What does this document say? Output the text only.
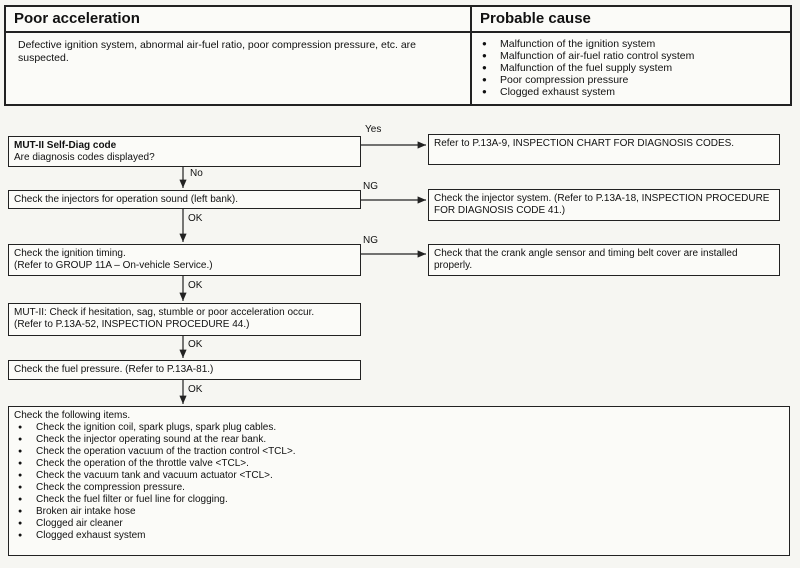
Poor acceleration
Defective ignition system, abnormal air-fuel ratio, poor compression pressure, etc. are suspected.
Probable cause
● Malfunction of the ignition system
● Malfunction of air-fuel ratio control system
● Malfunction of the fuel supply system
● Poor compression pressure
● Clogged exhaust system
MUT-II Self-Diag code
Are diagnosis codes displayed?
Yes
Refer to P.13A-9, INSPECTION CHART FOR DIAGNOSIS CODES.
No
Check the injectors for operation sound (left bank).
NG
Check the injector system. (Refer to P.13A-18, INSPECTION PROCEDURE FOR DIAGNOSIS CODE 41.)
OK
Check the ignition timing.
(Refer to GROUP 11A – On-vehicle Service.)
NG
Check that the crank angle sensor and timing belt cover are installed properly.
OK
MUT-II: Check if hesitation, sag, stumble or poor acceleration occur.
(Refer to P.13A-52, INSPECTION PROCEDURE 44.)
OK
Check the fuel pressure. (Refer to P.13A-81.)
OK
Check the following items.
● Check the ignition coil, spark plugs, spark plug cables.
● Check the injector operating sound at the rear bank.
● Check the operation vacuum of the traction control <TCL>.
● Check the operation of the throttle valve <TCL>.
● Check the vacuum tank and vacuum actuator <TCL>.
● Check the compression pressure.
● Check the fuel filter or fuel line for clogging.
● Broken air intake hose
● Clogged air cleaner
● Clogged exhaust system
